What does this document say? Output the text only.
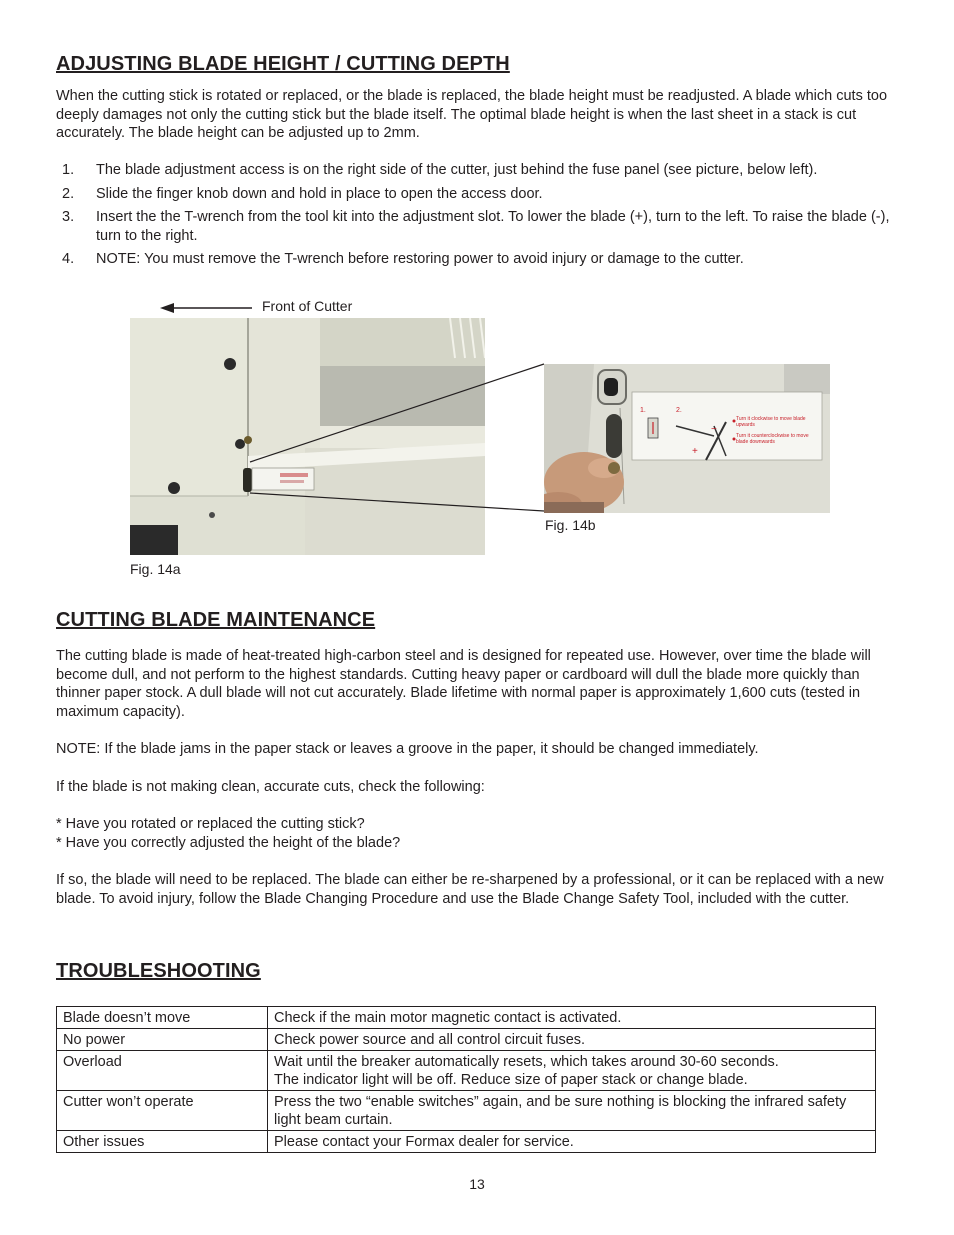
ADJUSTING BLADE HEIGHT / CUTTING DEPTH

When the cutting stick is rotated or replaced, or the blade is replaced, the blade height must be readjusted. A blade which cuts too deeply damages not only the cutting stick but the blade itself. The optimal blade height is when the last sheet in a stack is cut accurately. The blade height can be adjusted up to 2mm.

1. The blade adjustment access is on the right side of the cutter, just behind the fuse panel (see picture, below left).
2. Slide the finger knob down and hold in place to open the access door.
3. Insert the the T-wrench from the tool kit into the adjustment slot. To lower the blade (+), turn to the left. To raise the blade (-), turn to the right.
4. NOTE: You must remove the T-wrench before restoring power to avoid injury or damage to the cutter.
Front of Cutter
1.	2.
+
−
Turn it clockwise to move blade upwards
Turn it counterclockwise to move blade downwards
Fig. 14a
Fig. 14b
CUTTING BLADE MAINTENANCE

The cutting blade is made of heat-treated high-carbon steel and is designed for repeated use. However, over time the blade will become dull, and not perform to the highest standards. Cutting heavy paper or cardboard will dull the blade more quickly than thinner paper stock. A dull blade will not cut accurately. Blade lifetime with normal paper is approximately 1,600 cuts (tested in maximum capacity).

NOTE: If the blade jams in the paper stack or leaves a groove in the paper, it should be changed immediately.

If the blade is not making clean, accurate cuts, check the following:

* Have you rotated or replaced the cutting stick?

* Have you correctly adjusted the height of the blade?

If so, the blade will need to be replaced. The blade can either be re-sharpened by a professional, or it can be replaced with a new blade. To avoid injury, follow the Blade Changing Procedure and use the Blade Change Safety Tool, included with the cutter.

TROUBLESHOOTING
Blade doesn’t move	Check if the main motor magnetic contact is activated.
No power	Check power source and all control circuit fuses.
Overload	Wait until the breaker automatically resets, which takes around 30-60 seconds.
The indicator light will be off. Reduce size of paper stack or change blade.

Cutter won’t operate	Press the two “enable switches” again, and be sure nothing is blocking the infrared safety light beam curtain.
Other issues	Please contact your Formax dealer for service.
13
